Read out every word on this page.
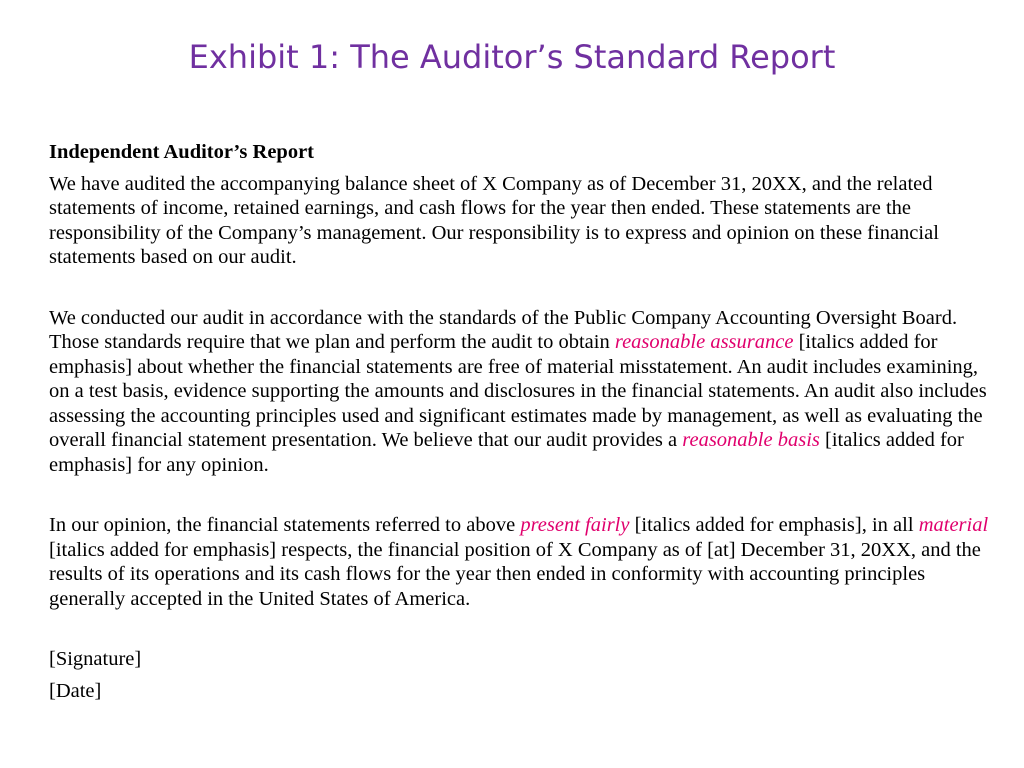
Exhibit 1: The Auditor’s Standard Report

Independent Auditor’s Report

We have audited the accompanying balance sheet of X Company as of December 31, 20XX, and the related statements of income, retained earnings, and cash flows for the year then ended. These statements are the responsibility of the Company’s management. Our responsibility is to express and opinion on these financial statements based on our audit.

We conducted our audit in accordance with the standards of the Public Company Accounting Oversight Board. Those standards require that we plan and perform the audit to obtain reasonable assurance [italics added for emphasis] about whether the financial statements are free of material misstatement. An audit includes examining, on a test basis, evidence supporting the amounts and disclosures in the financial statements. An audit also includes assessing the accounting principles used and significant estimates made by management, as well as evaluating the overall financial statement presentation. We believe that our audit provides a reasonable basis [italics added for emphasis] for any opinion.

In our opinion, the financial statements referred to above present fairly [italics added for emphasis], in all material [italics added for emphasis] respects, the financial position of X Company as of [at] December 31, 20XX, and the results of its operations and its cash flows for the year then ended in conformity with accounting principles generally accepted in the United States of America.

[Signature]

[Date]
